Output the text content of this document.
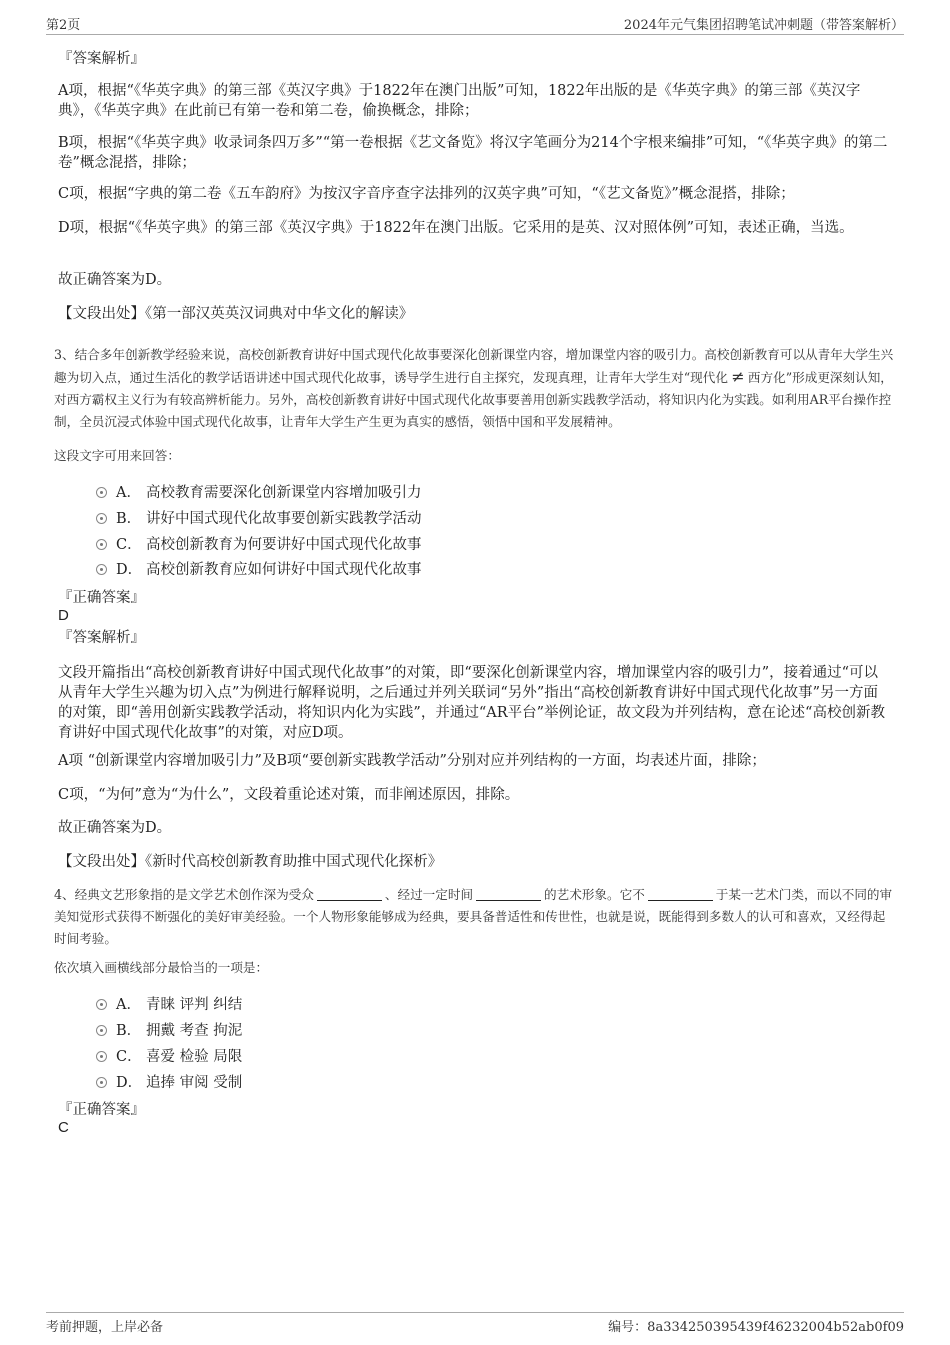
第2页	2024年元气集团招聘笔试冲刺题（带答案解析）
『答案解析』

A项，根据“《华英字典》的第三部《英汉字典》于1822年在澳门出版”可知，1822年出版的是《华英字典》的第三部《英汉字典》，《华英字典》在此前已有第一卷和第二卷，偷换概念，排除；

B项，根据“《华英字典》收录词条四万多”“第一卷根据《艺文备览》将汉字笔画分为214个字根来编排”可知，“《华英字典》的第二卷”概念混搭，排除；

C项，根据“字典的第二卷《五车韵府》为按汉字音序查字法排列的汉英字典”可知，“《艺文备览》”概念混搭，排除；

D项，根据“《华英字典》的第三部《英汉字典》于1822年在澳门出版。它采用的是英、汉对照体例”可知，表述正确，当选。

故正确答案为D。

【文段出处】《第一部汉英英汉词典对中华文化的解读》

3、结合多年创新教学经验来说，高校创新教育讲好中国式现代化故事要深化创新课堂内容，增加课堂内容的吸引力。高校创新教育可以从青年大学生兴趣为切入点，通过生活化的教学话语讲述中国式现代化故事，诱导学生进行自主探究，发现真理，让青年大学生对“现代化 ≠ 西方化”形成更深刻认知，对西方霸权主义行为有较高辨析能力。另外，高校创新教育讲好中国式现代化故事要善用创新实践教学活动，将知识内化为实践。如利用AR平台操作控制，全员沉浸式体验中国式现代化故事，让青年大学生产生更为真实的感悟，领悟中国和平发展精神。

这段文字可用来回答：

A． 高校教育需要深化创新课堂内容增加吸引力
B． 讲好中国式现代化故事要创新实践教学活动
C． 高校创新教育为何要讲好中国式现代化故事
D． 高校创新教育应如何讲好中国式现代化故事
『正确答案』
D
『答案解析』

文段开篇指出“高校创新教育讲好中国式现代化故事”的对策，即“要深化创新课堂内容，增加课堂内容的吸引力”，接着通过“可以从青年大学生兴趣为切入点”为例进行解释说明，之后通过并列关联词“另外”指出“高校创新教育讲好中国式现代化故事”另一方面的对策，即“善用创新实践教学活动，将知识内化为实践”，并通过“AR平台”举例论证，故文段为并列结构，意在论述“高校创新教育讲好中国式现代化故事”的对策，对应D项。

A项 “创新课堂内容增加吸引力”及B项“要创新实践教学活动”分别对应并列结构的一方面，均表述片面，排除；

C项，“为何”意为“为什么”，文段着重论述对策，而非阐述原因，排除。

故正确答案为D。

【文段出处】《新时代高校创新教育助推中国式现代化探析》

4、经典文艺形象指的是文学艺术创作深为受众	、经过一定时间	的艺术形象。它不	于某一艺术门类，而以不同的审美知觉形式获得不断强化的美好审美经验。一个人物形象能够成为经典，要具备普适性和传世性，也就是说，既能得到多数人的认可和喜欢，又经得起时间考验。

依次填入画横线部分最恰当的一项是：

A． 青睐 评判 纠结
B． 拥戴 考查 拘泥
C． 喜爱 检验 局限
D． 追捧 审阅 受制
『正确答案』
C
考前押题，上岸必备	编号：8a334250395439f46232004b52ab0f09
